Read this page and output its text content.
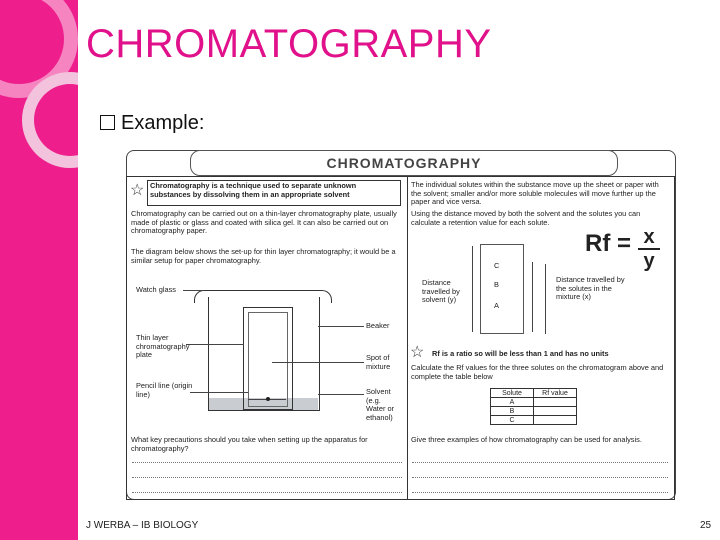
CHROMATOGRAPHY
Example:
CHROMATOGRAPHY
☆ Chromatography is a technique used to separate unknown substances by dissolving them in an appropriate solvent
Chromatography can be carried out on a thin-layer chromatography plate, usually made of plastic or glass and coated with silica gel. It can also be carried out on chromatography paper.
The diagram below shows the set-up for thin layer chromatography; it would be a similar setup for paper chromatography.
Watch glass
Thin layer chromatography plate
Pencil line (origin line)
Beaker
Spot of mixture
Solvent (e.g. Water or ethanol)
What key precautions should you take when setting up the apparatus for chromatography?
The individual solutes within the substance move up the sheet or paper with the solvent; smaller and/or more soluble molecules will move further up the paper and vice versa.
Using the distance moved by both the solvent and the solutes you can calculate a retention value for each solute.
C
B
A
Distance travelled by solvent (y)
Distance travelled by the solutes in the mixture (x)
Rf = x
y
☆ Rf is a ratio so will be less than 1 and has no units
Calculate the Rf values for the three solutes on the chromatogram above and complete the table below
Solute	Rf value
A	
B	
C	
Give three examples of how chromatography can be used for analysis.
J WERBA – IB BIOLOGY	25
